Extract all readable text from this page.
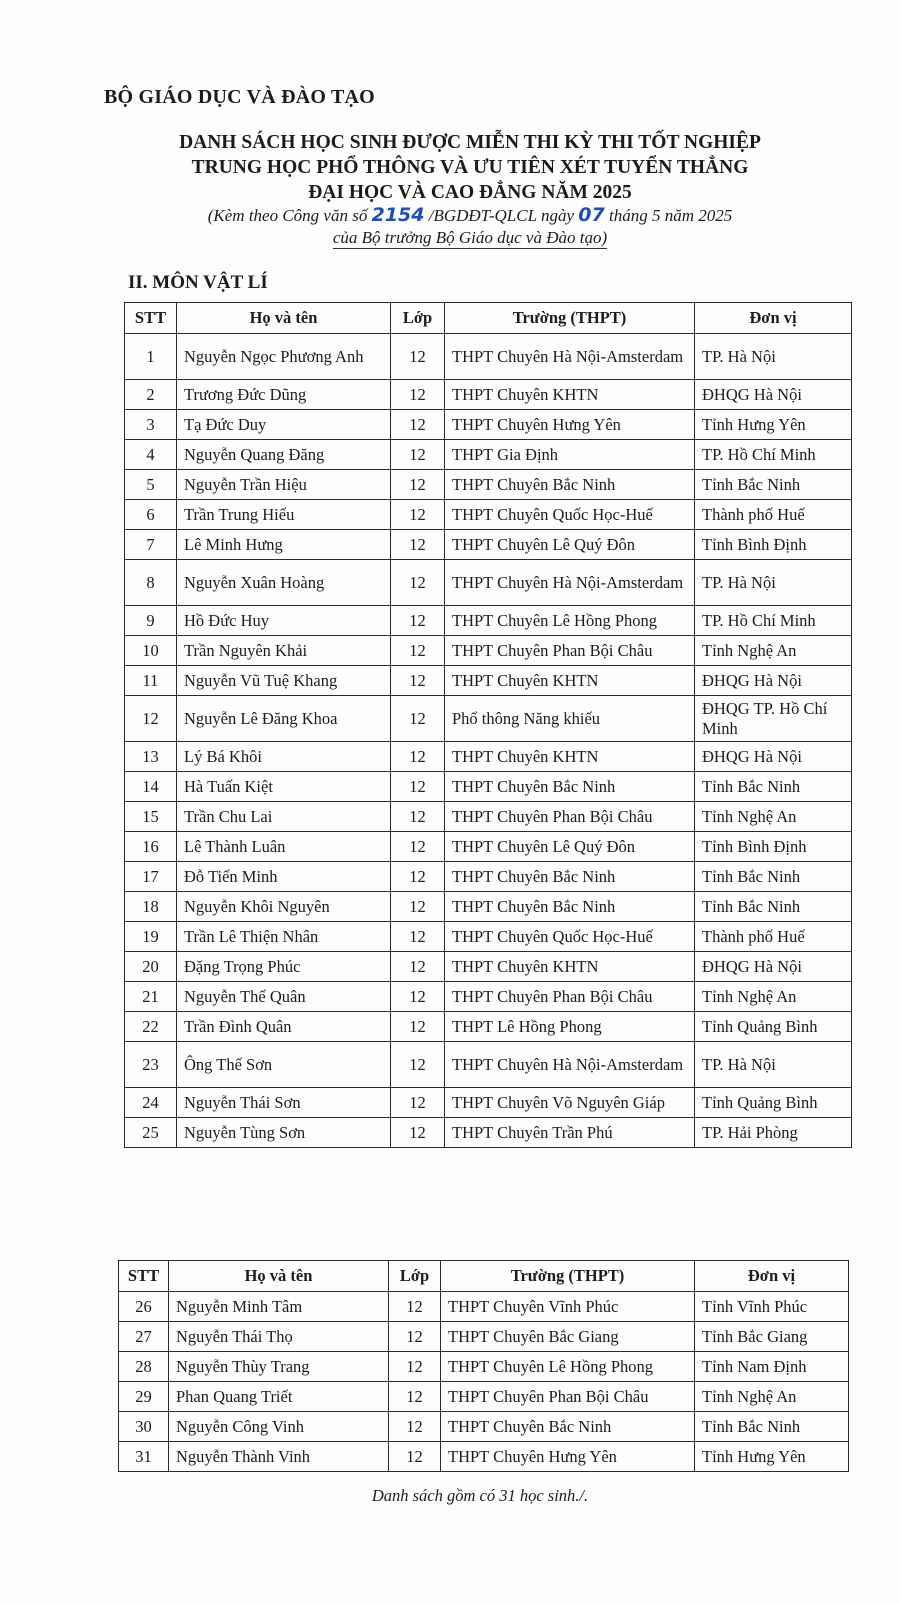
BỘ GIÁO DỤC VÀ ĐÀO TẠO
DANH SÁCH HỌC SINH ĐƯỢC MIỄN THI KỲ THI TỐT NGHIỆP
TRUNG HỌC PHỔ THÔNG VÀ ƯU TIÊN XÉT TUYỂN THẲNG
ĐẠI HỌC VÀ CAO ĐẲNG NĂM 2025
(Kèm theo Công văn số 2154 /BGDĐT-QLCL ngày 07 tháng 5 năm 2025
của Bộ trưởng Bộ Giáo dục và Đào tạo)
II. MÔN VẬT LÍ
STT	Họ và tên	Lớp	Trường (THPT)	Đơn vị
1	Nguyễn Ngọc Phương Anh	12	THPT Chuyên Hà Nội-Amsterdam	TP. Hà Nội
2	Trương Đức Dũng	12	THPT Chuyên KHTN	ĐHQG Hà Nội
3	Tạ Đức Duy	12	THPT Chuyên Hưng Yên	Tỉnh Hưng Yên
4	Nguyễn Quang Đăng	12	THPT Gia Định	TP. Hồ Chí Minh
5	Nguyễn Trần Hiệu	12	THPT Chuyên Bắc Ninh	Tỉnh Bắc Ninh
6	Trần Trung Hiếu	12	THPT Chuyên Quốc Học-Huế	Thành phố Huế
7	Lê Minh Hưng	12	THPT Chuyên Lê Quý Đôn	Tỉnh Bình Định
8	Nguyễn Xuân Hoàng	12	THPT Chuyên Hà Nội-Amsterdam	TP. Hà Nội
9	Hồ Đức Huy	12	THPT Chuyên Lê Hồng Phong	TP. Hồ Chí Minh
10	Trần Nguyên Khải	12	THPT Chuyên Phan Bội Châu	Tỉnh Nghệ An
11	Nguyễn Vũ Tuệ Khang	12	THPT Chuyên KHTN	ĐHQG Hà Nội
12	Nguyễn Lê Đăng Khoa	12	Phổ thông Năng khiếu	ĐHQG TP. Hồ Chí Minh
13	Lý Bá Khôi	12	THPT Chuyên KHTN	ĐHQG Hà Nội
14	Hà Tuấn Kiệt	12	THPT Chuyên Bắc Ninh	Tỉnh Bắc Ninh
15	Trần Chu Lai	12	THPT Chuyên Phan Bội Châu	Tỉnh Nghệ An
16	Lê Thành Luân	12	THPT Chuyên Lê Quý Đôn	Tỉnh Bình Định
17	Đỗ Tiến Minh	12	THPT Chuyên Bắc Ninh	Tỉnh Bắc Ninh
18	Nguyễn Khôi Nguyên	12	THPT Chuyên Bắc Ninh	Tỉnh Bắc Ninh
19	Trần Lê Thiện Nhân	12	THPT Chuyên Quốc Học-Huế	Thành phố Huế
20	Đặng Trọng Phúc	12	THPT Chuyên KHTN	ĐHQG Hà Nội
21	Nguyễn Thế Quân	12	THPT Chuyên Phan Bội Châu	Tỉnh Nghệ An
22	Trần Đình Quân	12	THPT Lê Hồng Phong	Tỉnh Quảng Bình
23	Ông Thế Sơn	12	THPT Chuyên Hà Nội-Amsterdam	TP. Hà Nội
24	Nguyễn Thái Sơn	12	THPT Chuyên Võ Nguyên Giáp	Tỉnh Quảng Bình
25	Nguyễn Tùng Sơn	12	THPT Chuyên Trần Phú	TP. Hải Phòng
STT	Họ và tên	Lớp	Trường (THPT)	Đơn vị
26	Nguyễn Minh Tâm	12	THPT Chuyên Vĩnh Phúc	Tỉnh Vĩnh Phúc
27	Nguyễn Thái Thọ	12	THPT Chuyên Bắc Giang	Tỉnh Bắc Giang
28	Nguyễn Thùy Trang	12	THPT Chuyên Lê Hồng Phong	Tỉnh Nam Định
29	Phan Quang Triết	12	THPT Chuyên Phan Bội Châu	Tỉnh Nghệ An
30	Nguyễn Công Vinh	12	THPT Chuyên Bắc Ninh	Tỉnh Bắc Ninh
31	Nguyễn Thành Vinh	12	THPT Chuyên Hưng Yên	Tỉnh Hưng Yên
Danh sách gồm có 31 học sinh./.
